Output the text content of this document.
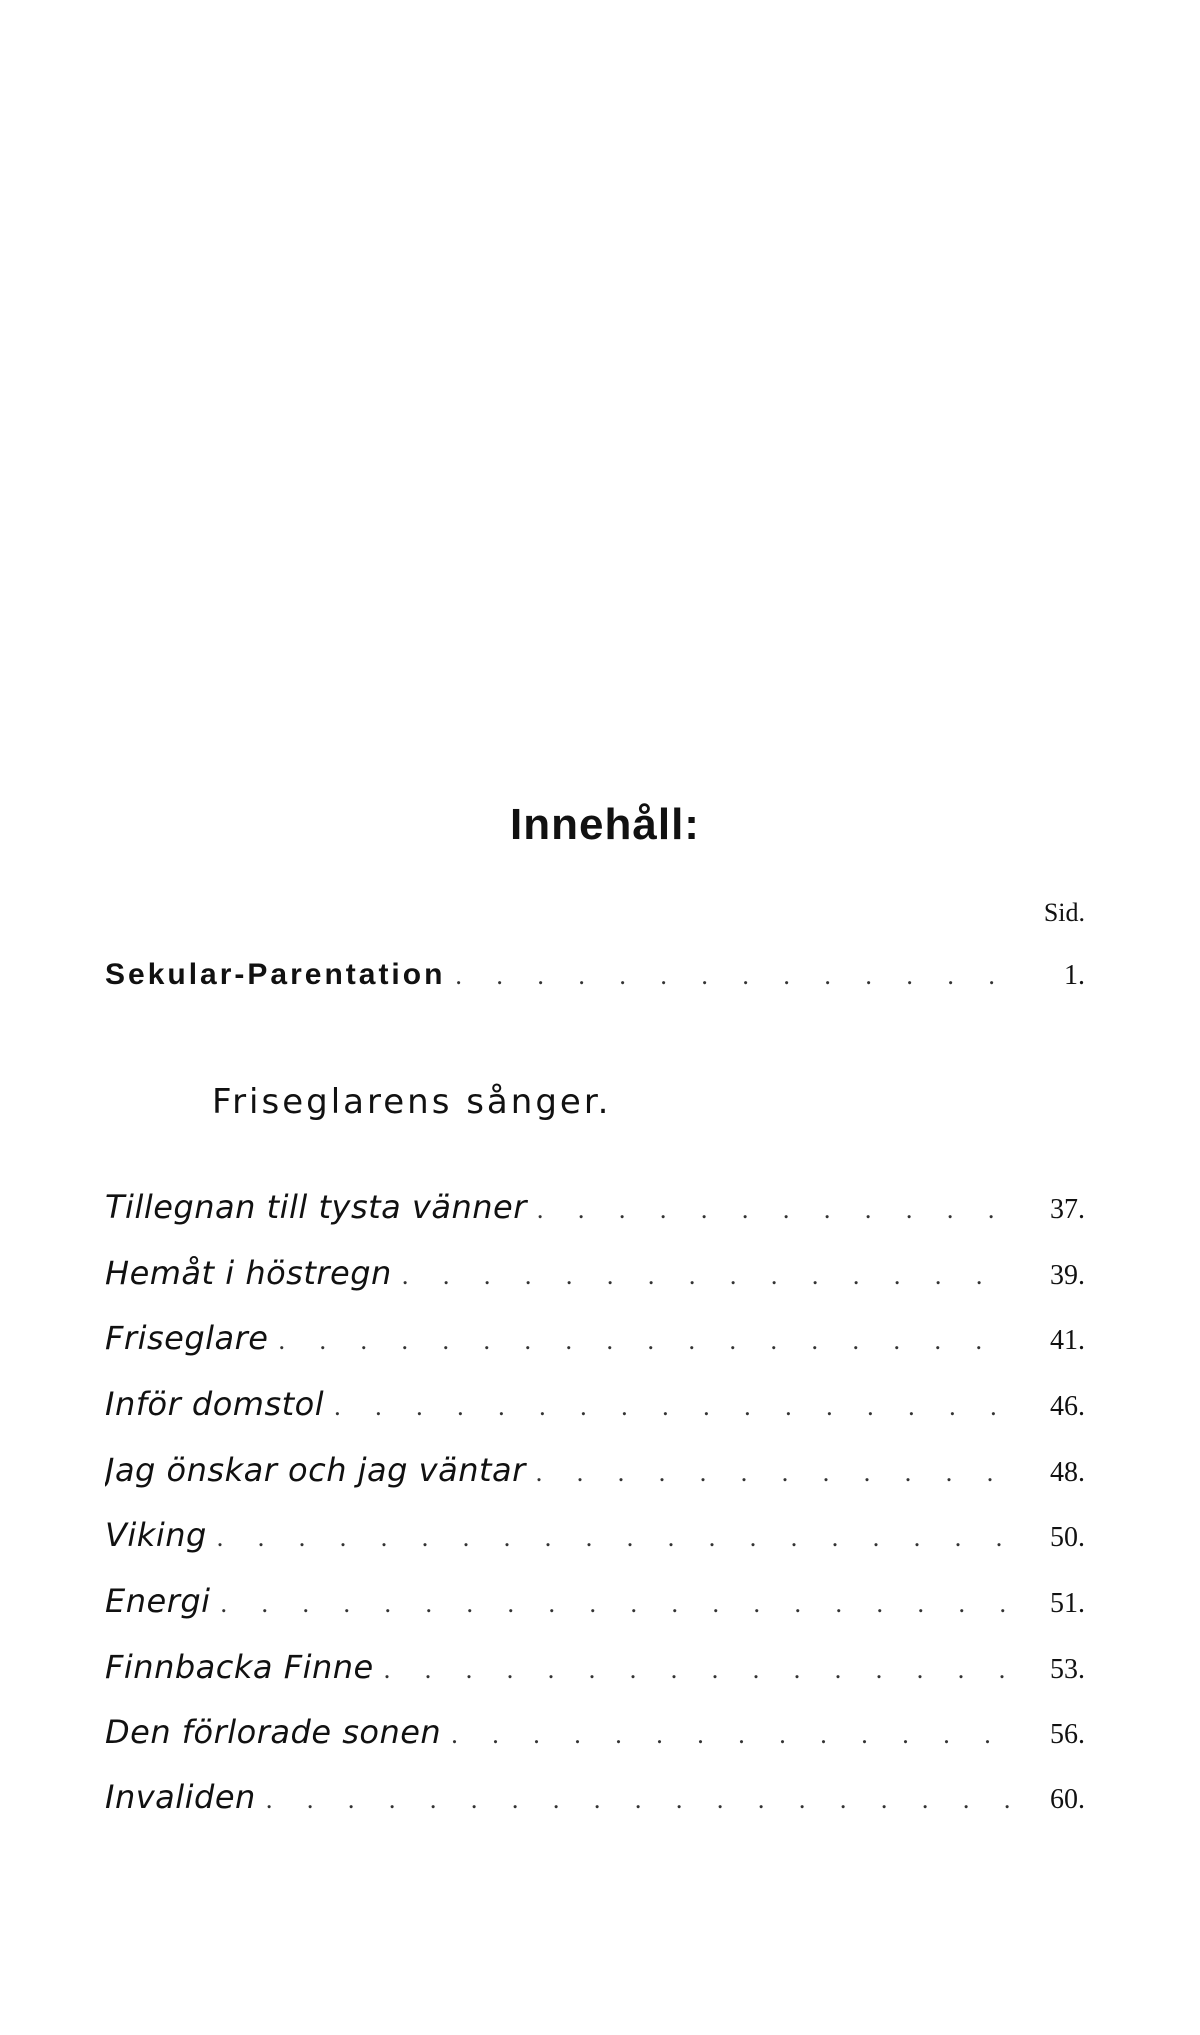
Innehåll:
Sid.
Sekular-Parentation . . .	1.
Friseglarens sånger.
Tillegnan till tysta vänner . . .	37.
Hemåt i höstregn . . .	39.
Friseglare . . .	41.
Inför domstol . . .	46.
Jag önskar och jag väntar . . .	48.
Viking . . .	50.
Energi . . .	51.
Finnbacka Finne . . .	53.
Den förlorade sonen . . .	56.
Invaliden . . .	60.
